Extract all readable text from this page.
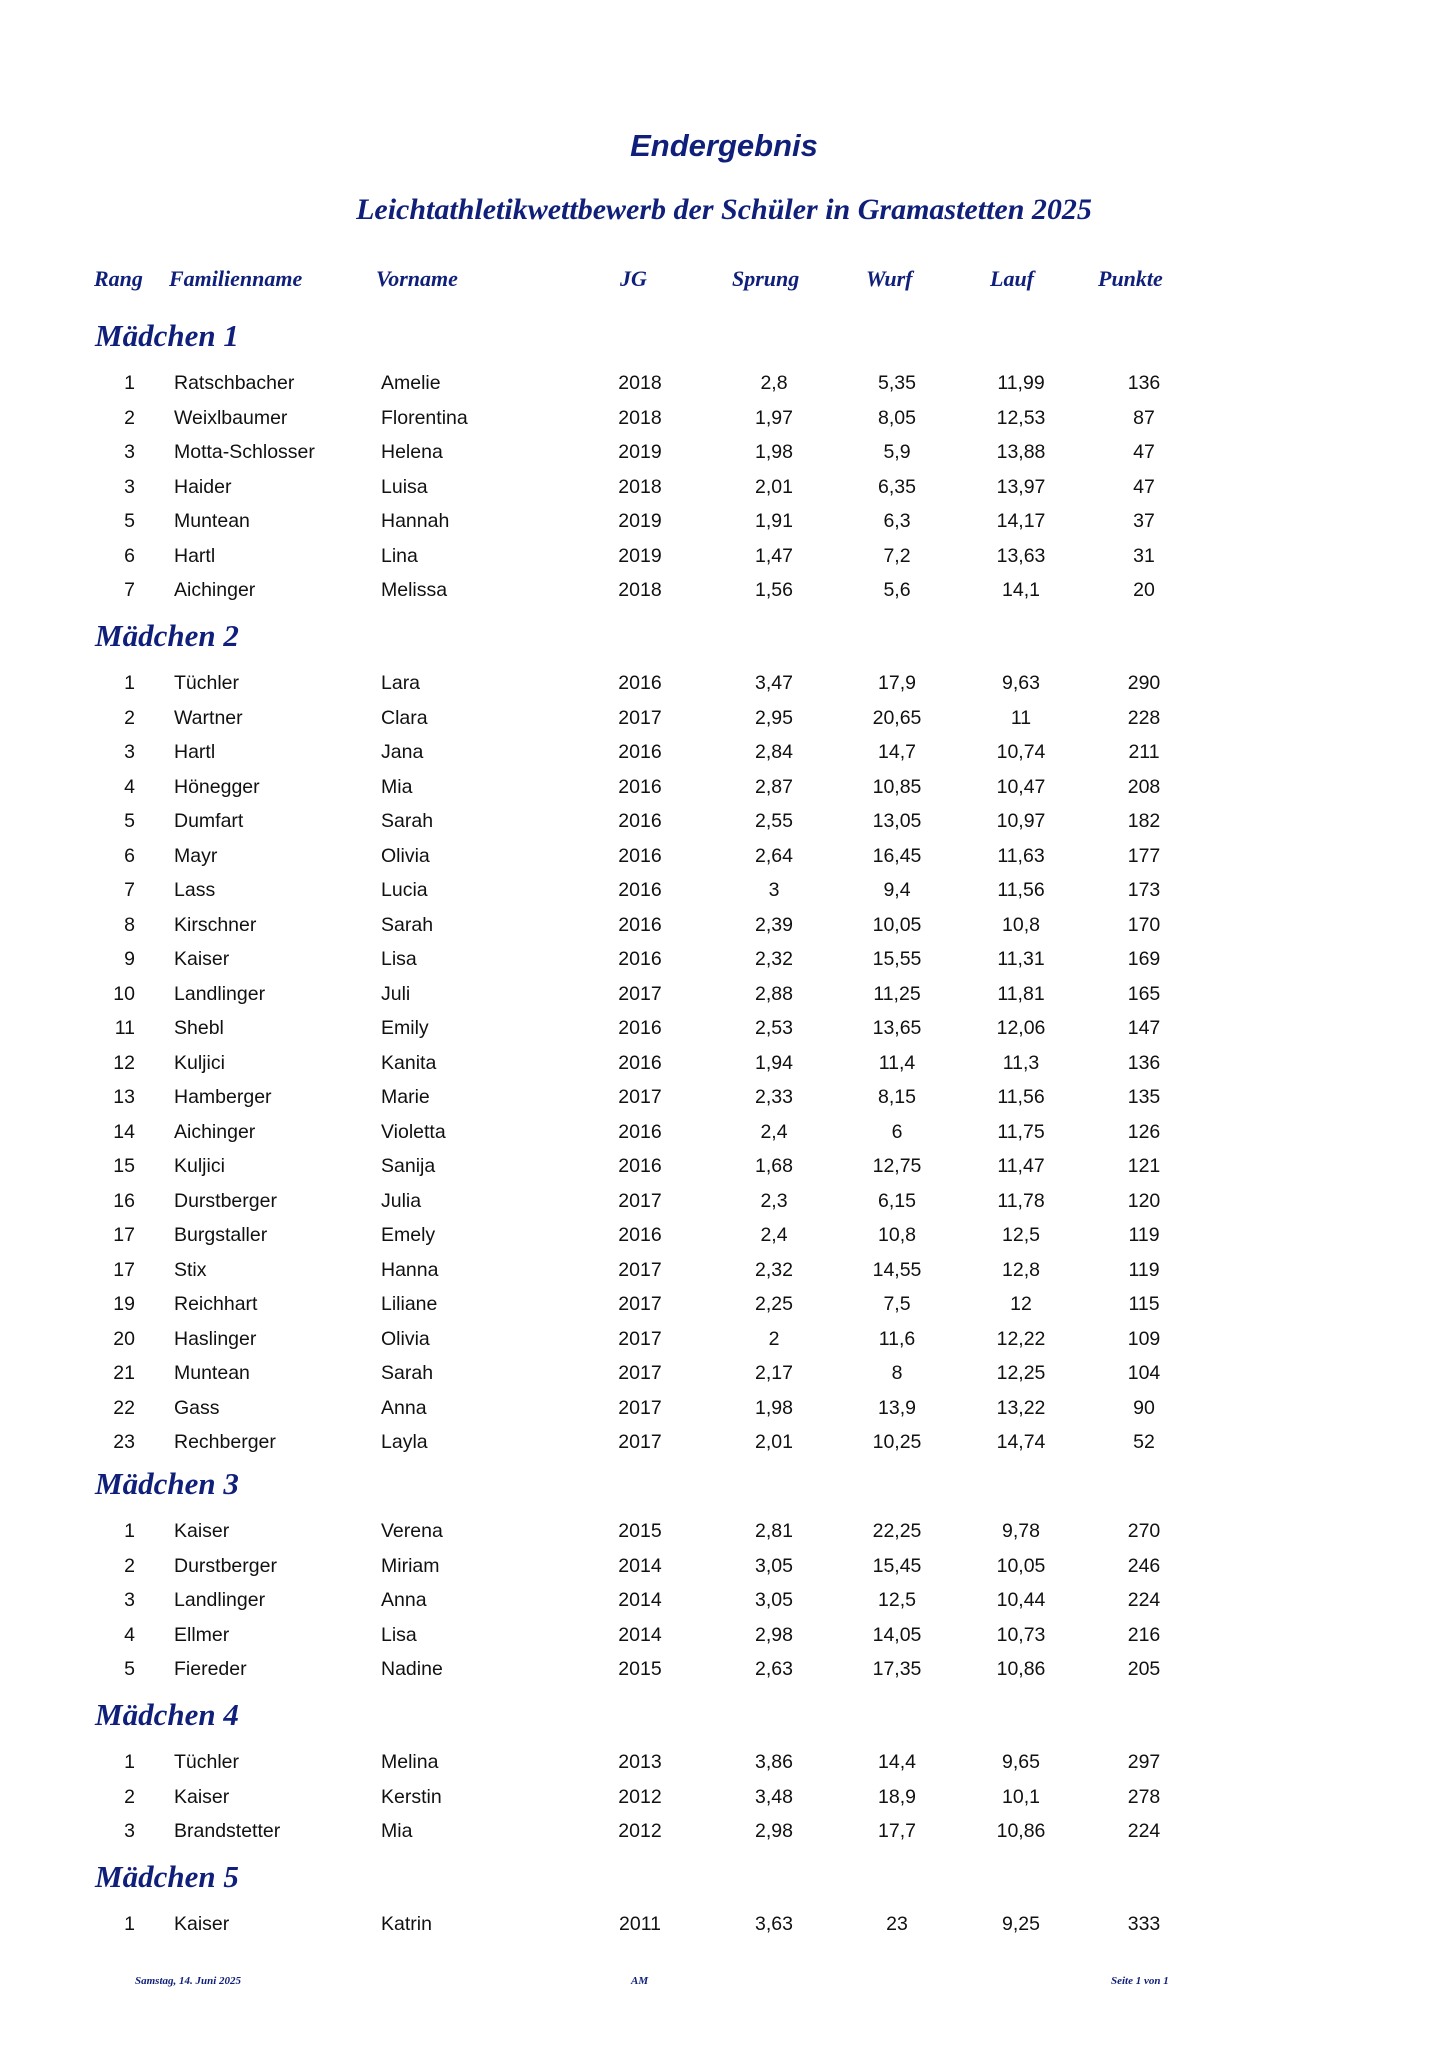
Endergebnis
Leichtathletikwettbewerb der Schüler in Gramastetten 2025
Rang Familienname	Vorname	JG	Sprung	Wurf	Lauf	Punkte
Mädchen 1
1 Ratschbacher	Amelie	2018	2,8	5,35	11,99	136
2 Weixlbaumer	Florentina	2018	1,97	8,05	12,53	87
3 Motta-Schlosser	Helena	2019	1,98	5,9	13,88	47
3 Haider	Luisa	2018	2,01	6,35	13,97	47
5 Muntean	Hannah	2019	1,91	6,3	14,17	37
6 Hartl	Lina	2019	1,47	7,2	13,63	31
7 Aichinger	Melissa	2018	1,56	5,6	14,1	20
Mädchen 2
1 Tüchler	Lara	2016	3,47	17,9	9,63	290
2 Wartner	Clara	2017	2,95	20,65	11	228
3 Hartl	Jana	2016	2,84	14,7	10,74	211
4 Hönegger	Mia	2016	2,87	10,85	10,47	208
5 Dumfart	Sarah	2016	2,55	13,05	10,97	182
6 Mayr	Olivia	2016	2,64	16,45	11,63	177
7 Lass	Lucia	2016	3	9,4	11,56	173
8 Kirschner	Sarah	2016	2,39	10,05	10,8	170
9 Kaiser	Lisa	2016	2,32	15,55	11,31	169
10 Landlinger	Juli	2017	2,88	11,25	11,81	165
11 Shebl	Emily	2016	2,53	13,65	12,06	147
12 Kuljici	Kanita	2016	1,94	11,4	11,3	136
13 Hamberger	Marie	2017	2,33	8,15	11,56	135
14 Aichinger	Violetta	2016	2,4	6	11,75	126
15 Kuljici	Sanija	2016	1,68	12,75	11,47	121
16 Durstberger	Julia	2017	2,3	6,15	11,78	120
17 Burgstaller	Emely	2016	2,4	10,8	12,5	119
17 Stix	Hanna	2017	2,32	14,55	12,8	119
19 Reichhart	Liliane	2017	2,25	7,5	12	115
20 Haslinger	Olivia	2017	2	11,6	12,22	109
21 Muntean	Sarah	2017	2,17	8	12,25	104
22 Gass	Anna	2017	1,98	13,9	13,22	90
23 Rechberger	Layla	2017	2,01	10,25	14,74	52
Mädchen 3
1 Kaiser	Verena	2015	2,81	22,25	9,78	270
2 Durstberger	Miriam	2014	3,05	15,45	10,05	246
3 Landlinger	Anna	2014	3,05	12,5	10,44	224
4 Ellmer	Lisa	2014	2,98	14,05	10,73	216
5 Fiereder	Nadine	2015	2,63	17,35	10,86	205
Mädchen 4
1 Tüchler	Melina	2013	3,86	14,4	9,65	297
2 Kaiser	Kerstin	2012	3,48	18,9	10,1	278
3 Brandstetter	Mia	2012	2,98	17,7	10,86	224
Mädchen 5
1 Kaiser	Katrin	2011	3,63	23	9,25	333
Samstag, 14. Juni 2025	AM	Seite 1 von 1
